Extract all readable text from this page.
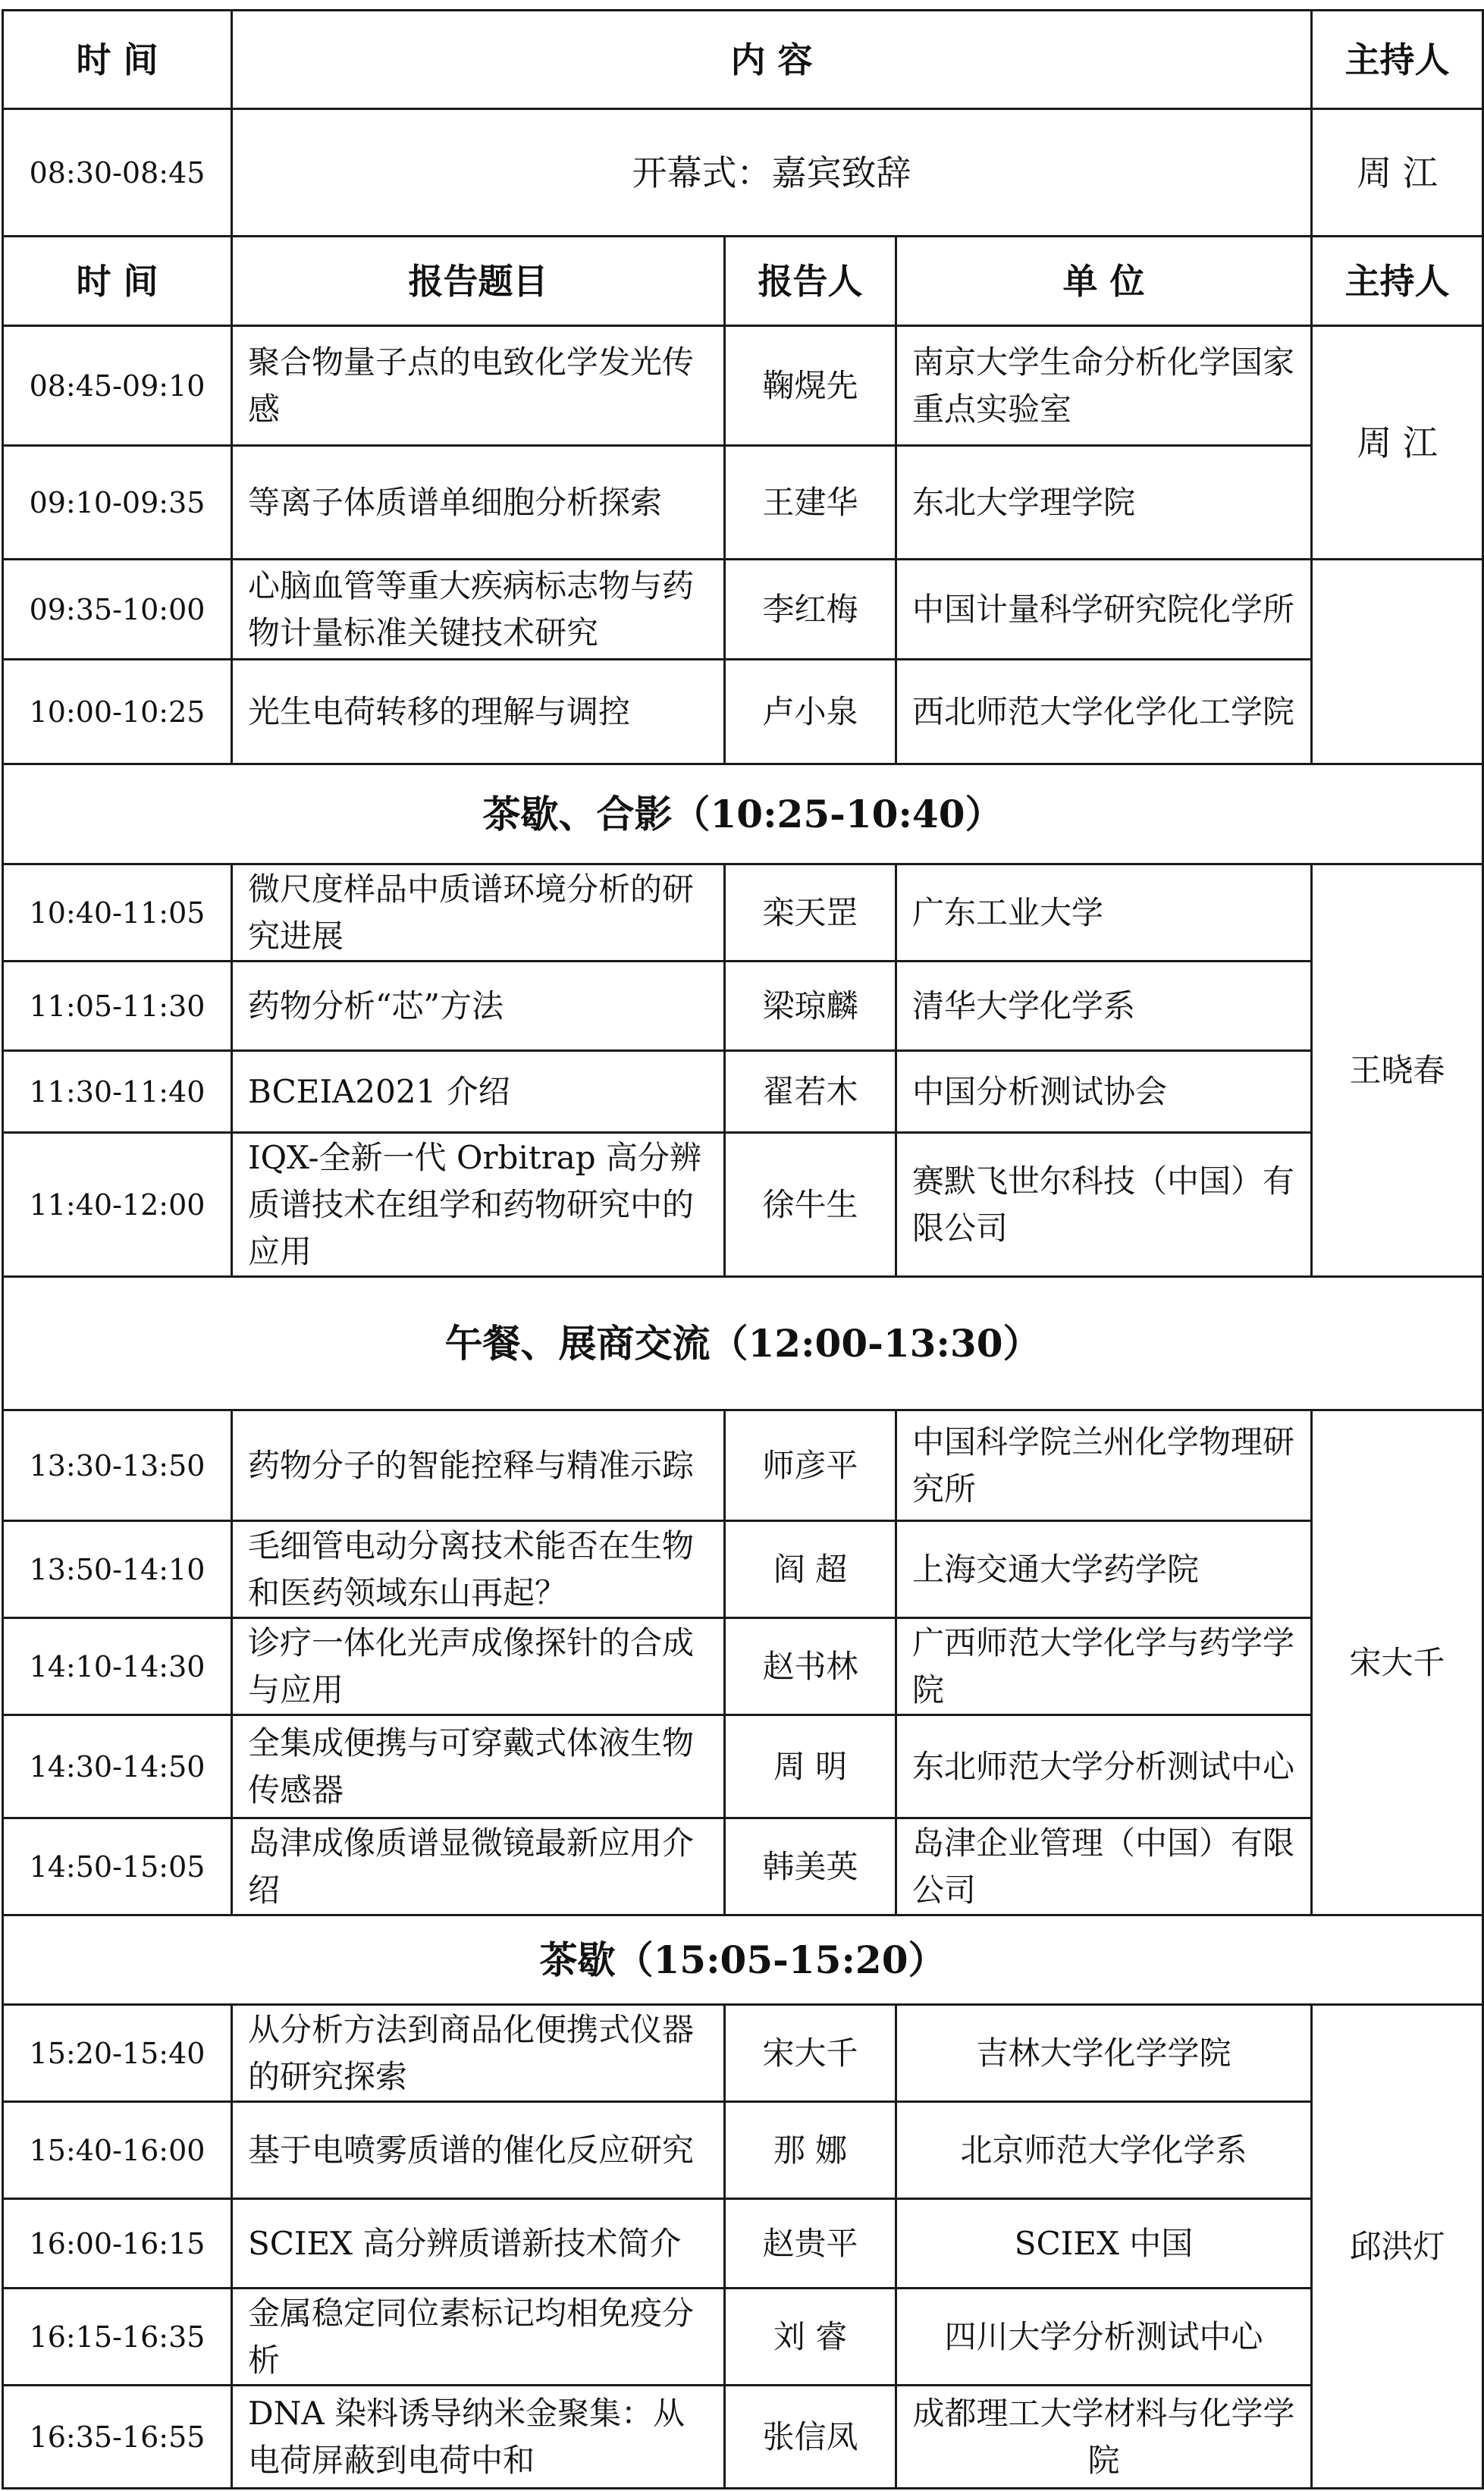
时 间	内 容			主持人
08:30-08:45	开幕式：嘉宾致辞			周 江
时 间	报告题目	报告人	单 位	主持人
08:45-09:10	聚合物量子点的电致化学发光传感	鞠熀先	南京大学生命分析化学国家重点实验室	周 江
09:10-09:35	等离子体质谱单细胞分析探索	王建华	东北大学理学院	
09:35-10:00	心脑血管等重大疾病标志物与药物计量标准关键技术研究	李红梅	中国计量科学研究院化学所	
10:00-10:25	光生电荷转移的理解与调控	卢小泉	西北师范大学化学化工学院	
茶歇、合影（10:25-10:40）				
10:40-11:05	微尺度样品中质谱环境分析的研究进展	栾天罡	广东工业大学	王晓春
11:05-11:30	药物分析“芯”方法	梁琼麟	清华大学化学系	
11:30-11:40	BCEIA2021 介绍	翟若木	中国分析测试协会	
11:40-12:00	IQX-全新一代 Orbitrap 高分辨质谱技术在组学和药物研究中的应用	徐牛生	赛默飞世尔科技（中国）有限公司	
午餐、展商交流（12:00-13:30）				
13:30-13:50	药物分子的智能控释与精准示踪	师彦平	中国科学院兰州化学物理研究所	宋大千
13:50-14:10	毛细管电动分离技术能否在生物和医药领域东山再起？	阎 超	上海交通大学药学院	
14:10-14:30	诊疗一体化光声成像探针的合成与应用	赵书林	广西师范大学化学与药学学院	
14:30-14:50	全集成便携与可穿戴式体液生物传感器	周 明	东北师范大学分析测试中心	
14:50-15:05	岛津成像质谱显微镜最新应用介绍	韩美英	岛津企业管理（中国）有限公司	
茶歇（15:05-15:20）				
15:20-15:40	从分析方法到商品化便携式仪器的研究探索	宋大千	吉林大学化学学院	邱洪灯
15:40-16:00	基于电喷雾质谱的催化反应研究	那 娜	北京师范大学化学系	
16:00-16:15	SCIEX 高分辨质谱新技术简介	赵贵平	SCIEX 中国	
16:15-16:35	金属稳定同位素标记均相免疫分析	刘 睿	四川大学分析测试中心	
16:35-16:55	DNA 染料诱导纳米金聚集：从电荷屏蔽到电荷中和	张信凤	成都理工大学材料与化学学院	
